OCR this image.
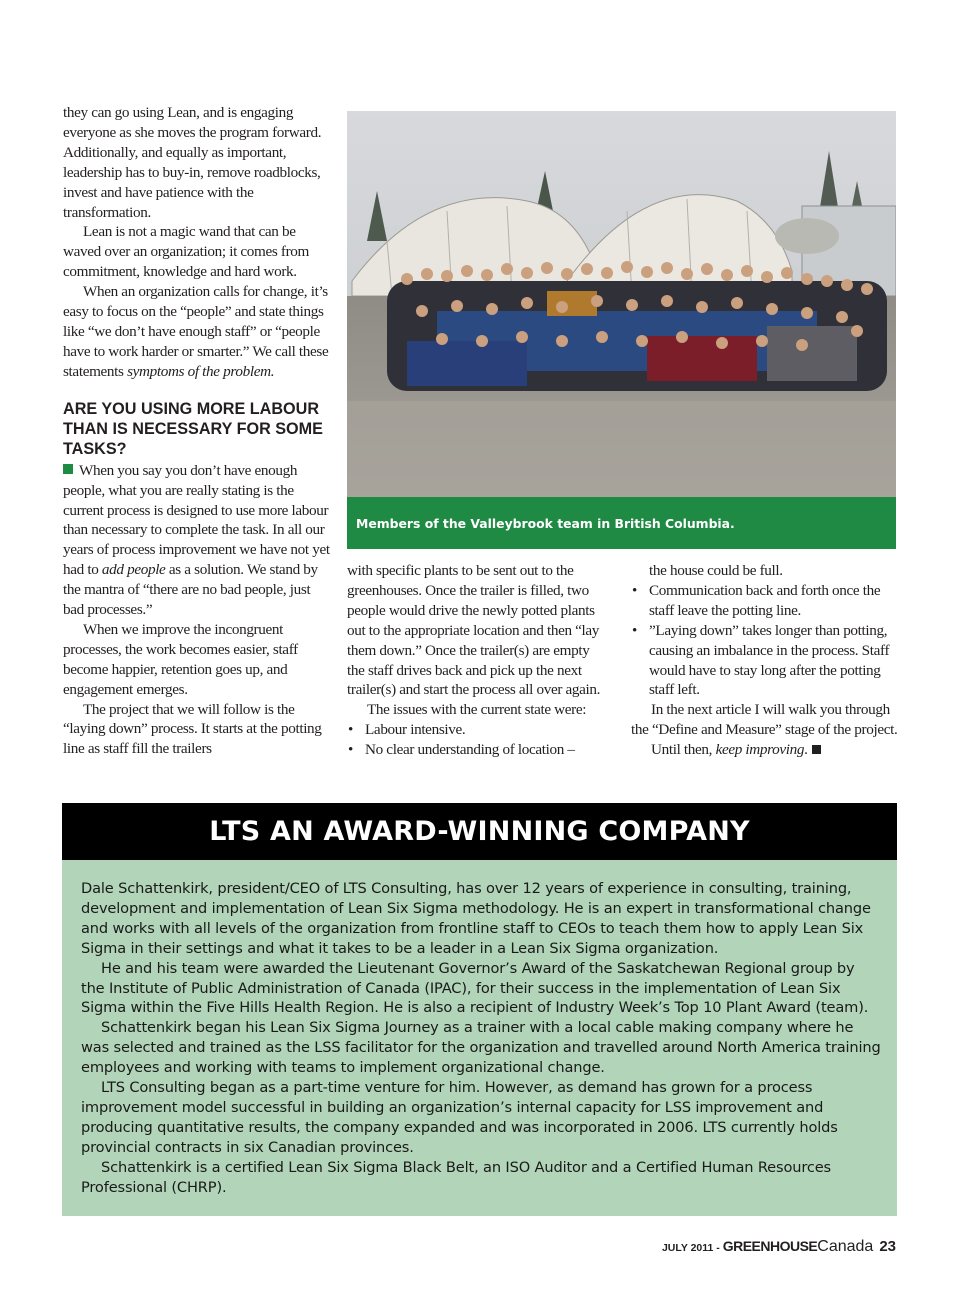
they can go using Lean, and is engaging everyone as she moves the program forward. Additionally, and equally as important, leadership has to buy-in, remove roadblocks, invest and have patience with the transformation.

Lean is not a magic wand that can be waved over an organization; it comes from commitment, knowledge and hard work.

When an organization calls for change, it’s easy to focus on the “people” and state things like “we don’t have enough staff” or “people have to work harder or smarter.” We call these statements symptoms of the problem.

ARE YOU USING MORE LABOUR THAN IS NECESSARY FOR SOME TASKS?

When you say you don’t have enough people, what you are really stating is the current process is designed to use more labour than necessary to complete the task. In all our years of process improvement we have not yet had to add people as a solution. We stand by the mantra of “there are no bad people, just bad processes.”

When we improve the incongruent processes, the work becomes easier, staff become happier, retention goes up, and engagement emerges.

The project that we will follow is the “laying down” process. It starts at the potting line as staff fill the trailers

Members of the Valleybrook team in British Columbia.

with specific plants to be sent out to the greenhouses. Once the trailer is filled, two people would drive the newly potted plants out to the appropriate location and then “lay them down.” Once the trailer(s) are empty the staff drives back and pick up the next trailer(s) and start the process all over again.

The issues with the current state were:

• Labour intensive.

• No clear understanding of location –

the house could be full.

• Communication back and forth once the staff leave the potting line.

• ”Laying down” takes longer than potting, causing an imbalance in the process. Staff would have to stay long after the potting staff left.

In the next article I will walk you through the “Define and Measure” stage of the project.

Until then, keep improving.

LTS AN AWARD-WINNING COMPANY

Dale Schattenkirk, president/CEO of LTS Consulting, has over 12 years of experience in consulting, training, development and implementation of Lean Six Sigma methodology. He is an expert in transformational change and works with all levels of the organization from frontline staff to CEOs to teach them how to apply Lean Six Sigma in their settings and what it takes to be a leader in a Lean Six Sigma organization.

He and his team were awarded the Lieutenant Governor’s Award of the Saskatchewan Regional group by the Institute of Public Administration of Canada (IPAC), for their success in the implementation of Lean Six Sigma within the Five Hills Health Region. He is also a recipient of Industry Week’s Top 10 Plant Award (team).

Schattenkirk began his Lean Six Sigma Journey as a trainer with a local cable making company where he was selected and trained as the LSS facilitator for the organization and travelled around North America training employees and working with teams to implement organizational change.

LTS Consulting began as a part-time venture for him. However, as demand has grown for a process improvement model successful in building an organization’s internal capacity for LSS improvement and producing quantitative results, the company expanded and was incorporated in 2006. LTS currently holds provincial contracts in six Canadian provinces.

Schattenkirk is a certified Lean Six Sigma Black Belt, an ISO Auditor and a Certified Human Resources Professional (CHRP).

JULY 2011 - GREENHOUSECanada 23
